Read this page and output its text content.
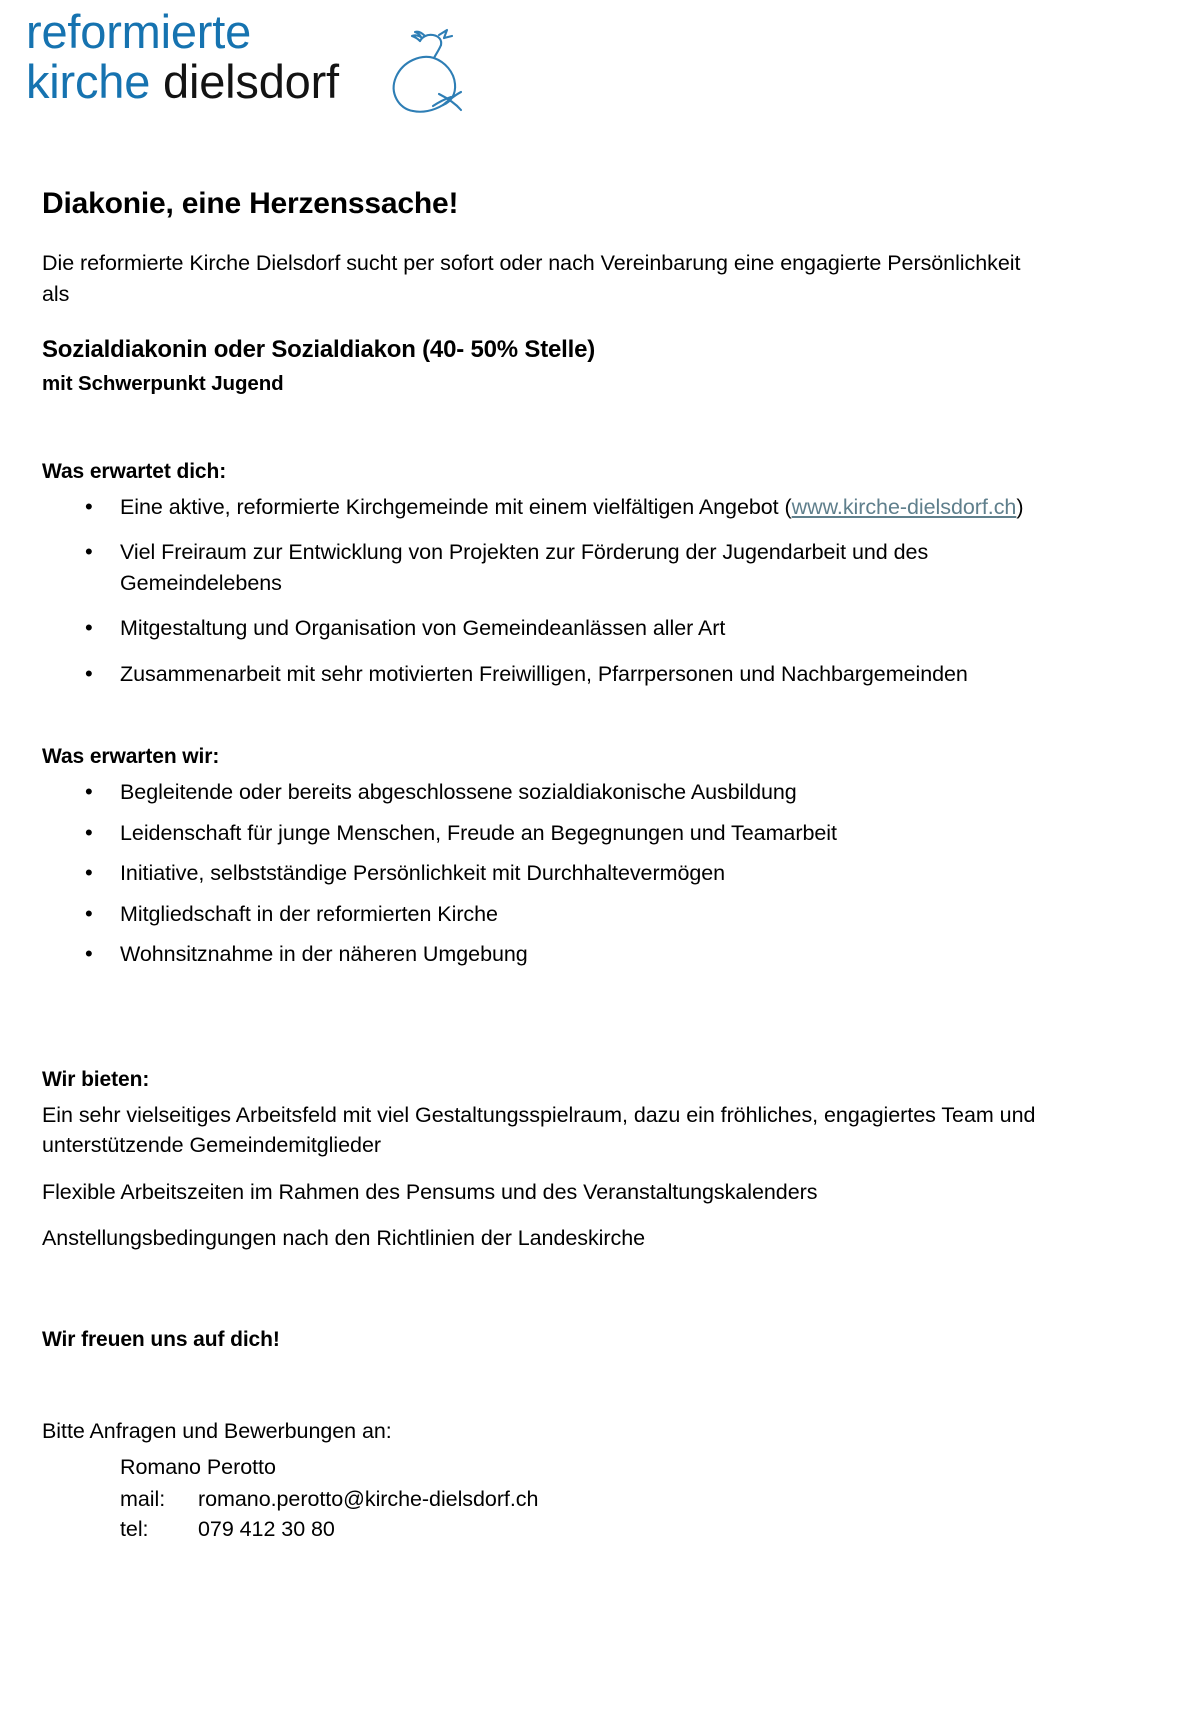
reformierte
kirche dielsdorf
Diakonie, eine Herzenssache!

Die reformierte Kirche Dielsdorf sucht per sofort oder nach Vereinbarung eine engagierte Persönlichkeit als

Sozialdiakonin oder Sozialdiakon (40- 50% Stelle)
mit Schwerpunkt Jugend
Was erwartet dich:
• Eine aktive, reformierte Kirchgemeinde mit einem vielfältigen Angebot (www.kirche-dielsdorf.ch)
• Viel Freiraum zur Entwicklung von Projekten zur Förderung der Jugendarbeit und des Gemeindelebens
• Mitgestaltung und Organisation von Gemeindeanlässen aller Art
• Zusammenarbeit mit sehr motivierten Freiwilligen, Pfarrpersonen und Nachbargemeinden
Was erwarten wir:
• Begleitende oder bereits abgeschlossene sozialdiakonische Ausbildung
• Leidenschaft für junge Menschen, Freude an Begegnungen und Teamarbeit
• Initiative, selbstständige Persönlichkeit mit Durchhaltevermögen
• Mitgliedschaft in der reformierten Kirche
• Wohnsitznahme in der näheren Umgebung
Wir bieten:

Ein sehr vielseitiges Arbeitsfeld mit viel Gestaltungsspielraum, dazu ein fröhliches, engagiertes Team und unterstützende Gemeindemitglieder

Flexible Arbeitszeiten im Rahmen des Pensums und des Veranstaltungskalenders

Anstellungsbedingungen nach den Richtlinien der Landeskirche

Wir freuen uns auf dich!

Bitte Anfragen und Bewerbungen an:

Romano Perotto
mail:	romano.perotto@kirche-dielsdorf.ch
tel:	079 412 30 80
